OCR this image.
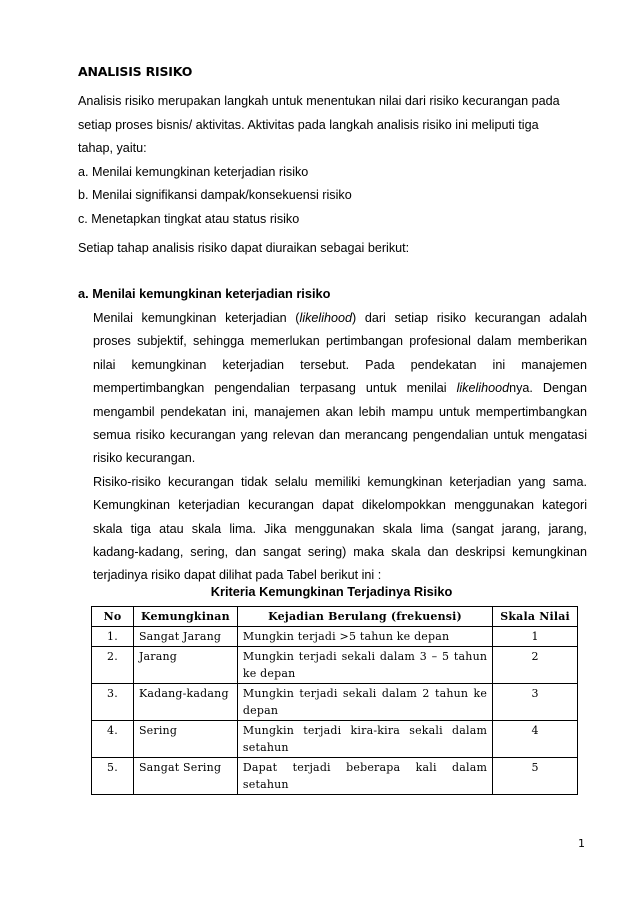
ANALISIS RISIKO
Analisis risiko merupakan langkah untuk menentukan nilai dari risiko kecurangan pada
setiap proses bisnis/ aktivitas. Aktivitas pada langkah analisis risiko ini meliputi tiga
tahap, yaitu:
a. Menilai kemungkinan keterjadian risiko
b. Menilai signifikansi dampak/konsekuensi risiko
c. Menetapkan tingkat atau status risiko
Setiap tahap analisis risiko dapat diuraikan sebagai berikut:
a. Menilai kemungkinan keterjadian risiko
Menilai kemungkinan keterjadian (likelihood) dari setiap risiko kecurangan adalah
proses subjektif, sehingga memerlukan pertimbangan profesional dalam memberikan
nilai kemungkinan keterjadian tersebut. Pada pendekatan ini manajemen
mempertimbangkan pengendalian terpasang untuk menilai likelihoodnya. Dengan
mengambil pendekatan ini, manajemen akan lebih mampu untuk mempertimbangkan
semua risiko kecurangan yang relevan dan merancang pengendalian untuk mengatasi
risiko kecurangan.
Risiko-risiko kecurangan tidak selalu memiliki kemungkinan keterjadian yang sama.
Kemungkinan keterjadian kecurangan dapat dikelompokkan menggunakan kategori
skala tiga atau skala lima. Jika menggunakan skala lima (sangat jarang, jarang,
kadang-kadang, sering, dan sangat sering) maka skala dan deskripsi kemungkinan
terjadinya risiko dapat dilihat pada Tabel berikut ini :
Kriteria Kemungkinan Terjadinya Risiko
No	Kemungkinan	Kejadian Berulang (frekuensi)	Skala Nilai
1.	Sangat Jarang	Mungkin terjadi >5 tahun ke depan	1
2.	Jarang	Mungkin terjadi sekali dalam 3 – 5 tahun ke depan	2
3.	Kadang-kadang	Mungkin terjadi sekali dalam 2 tahun ke depan	3
4.	Sering	Mungkin terjadi kira-kira sekali dalam setahun	4
5.	Sangat Sering	Dapat terjadi beberapa kali dalam setahun	5
1
